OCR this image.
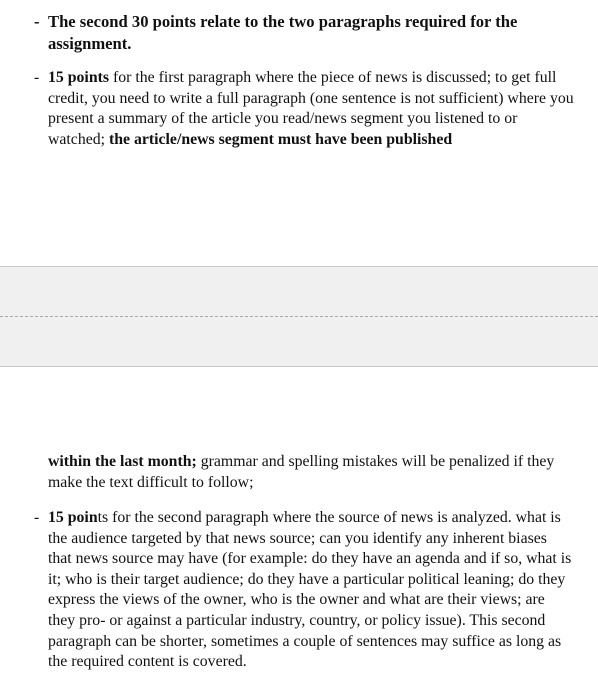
- The second 30 points relate to the two paragraphs required for the assignment.
- 15 points for the first paragraph where the piece of news is discussed; to get full credit, you need to write a full paragraph (one sentence is not sufficient) where you present a summary of the article you read/news segment you listened to or watched; the article/news segment must have been published
within the last month; grammar and spelling mistakes will be penalized if they make the text difficult to follow;
- 15 points for the second paragraph where the source of news is analyzed. what is the audience targeted by that news source; can you identify any inherent biases that news source may have (for example: do they have an agenda and if so, what is it; who is their target audience; do they have a particular political leaning; do they express the views of the owner, who is the owner and what are their views; are they pro- or against a particular industry, country, or policy issue). This second paragraph can be shorter, sometimes a couple of sentences may suffice as long as the required content is covered.
